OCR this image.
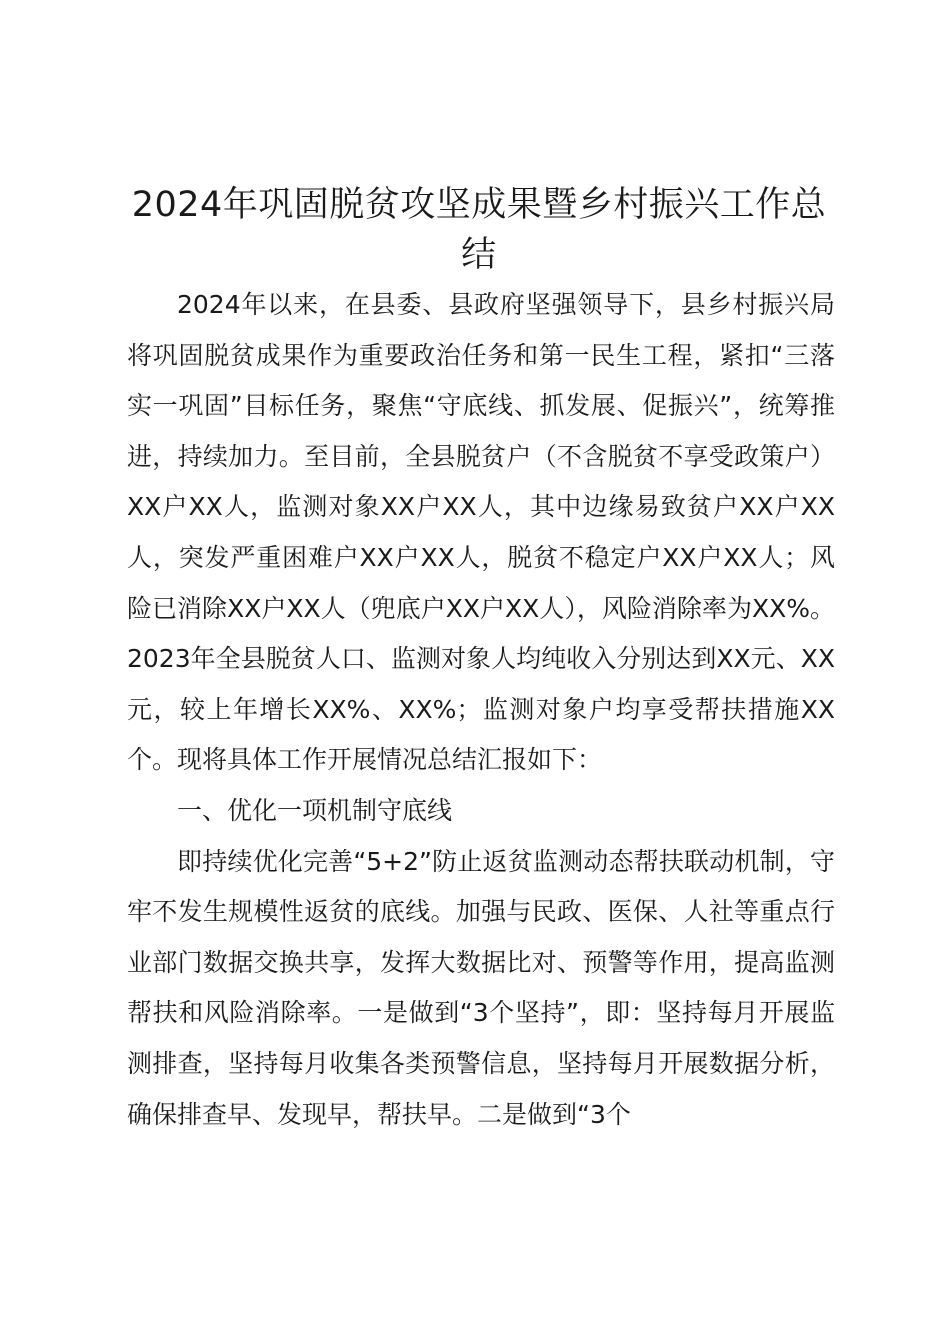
2024年巩固脱贫攻坚成果暨乡村振兴工作总结

2024年以来，在县委、县政府坚强领导下，县乡村振兴局将巩固脱贫成果作为重要政治任务和第一民生工程，紧扣“三落实一巩固”目标任务，聚焦“守底线、抓发展、促振兴”，统筹推进，持续加力。至目前，全县脱贫户（不含脱贫不享受政策户）XX户XX人，监测对象XX户XX人，其中边缘易致贫户XX户XX人，突发严重困难户XX户XX人，脱贫不稳定户XX户XX人；风险已消除XX户XX人（兜底户XX户XX人），风险消除率为XX%。2023年全县脱贫人口、监测对象人均纯收入分别达到XX元、XX元，较上年增长XX%、XX%；监测对象户均享受帮扶措施XX个。现将具体工作开展情况总结汇报如下：

一、优化一项机制守底线

即持续优化完善“5+2”防止返贫监测动态帮扶联动机制，守牢不发生规模性返贫的底线。加强与民政、医保、人社等重点行业部门数据交换共享，发挥大数据比对、预警等作用，提高监测帮扶和风险消除率。一是做到“3个坚持”，即：坚持每月开展监测排查，坚持每月收集各类预警信息，坚持每月开展数据分析，确保排查早、发现早，帮扶早。二是做到“3个
